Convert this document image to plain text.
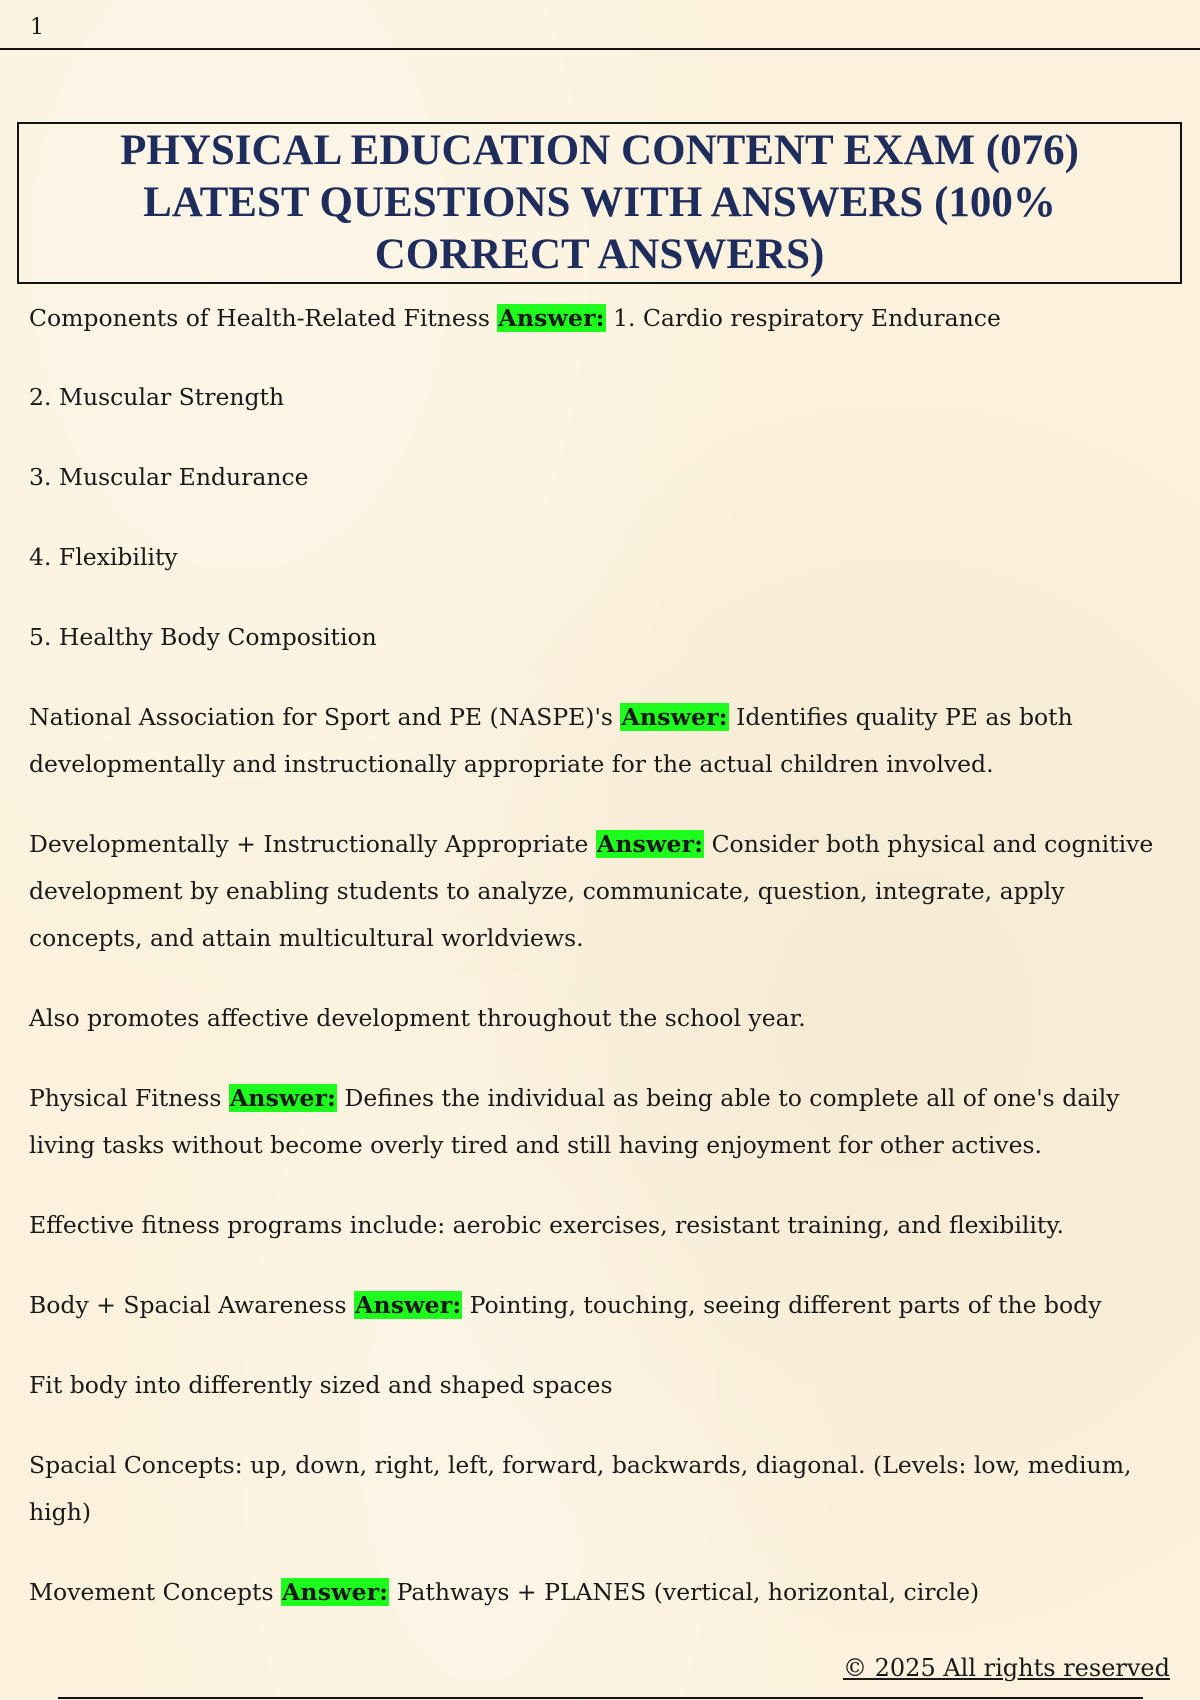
1
PHYSICAL EDUCATION CONTENT EXAM (076) LATEST QUESTIONS WITH ANSWERS (100% CORRECT ANSWERS)

Components of Health-Related Fitness Answer: 1. Cardio respiratory Endurance

2. Muscular Strength

3. Muscular Endurance

4. Flexibility

5. Healthy Body Composition

National Association for Sport and PE (NASPE)'s Answer: Identifies quality PE as both developmentally and instructionally appropriate for the actual children involved.

Developmentally + Instructionally Appropriate Answer: Consider both physical and cognitive development by enabling students to analyze, communicate, question, integrate, apply concepts, and attain multicultural worldviews.

Also promotes affective development throughout the school year.

Physical Fitness Answer: Defines the individual as being able to complete all of one's daily living tasks without become overly tired and still having enjoyment for other actives.

Effective fitness programs include: aerobic exercises, resistant training, and flexibility.

Body + Spacial Awareness Answer: Pointing, touching, seeing different parts of the body

Fit body into differently sized and shaped spaces

Spacial Concepts: up, down, right, left, forward, backwards, diagonal. (Levels: low, medium, high)

Movement Concepts Answer: Pathways + PLANES (vertical, horizontal, circle)

© 2025 All rights reserved
